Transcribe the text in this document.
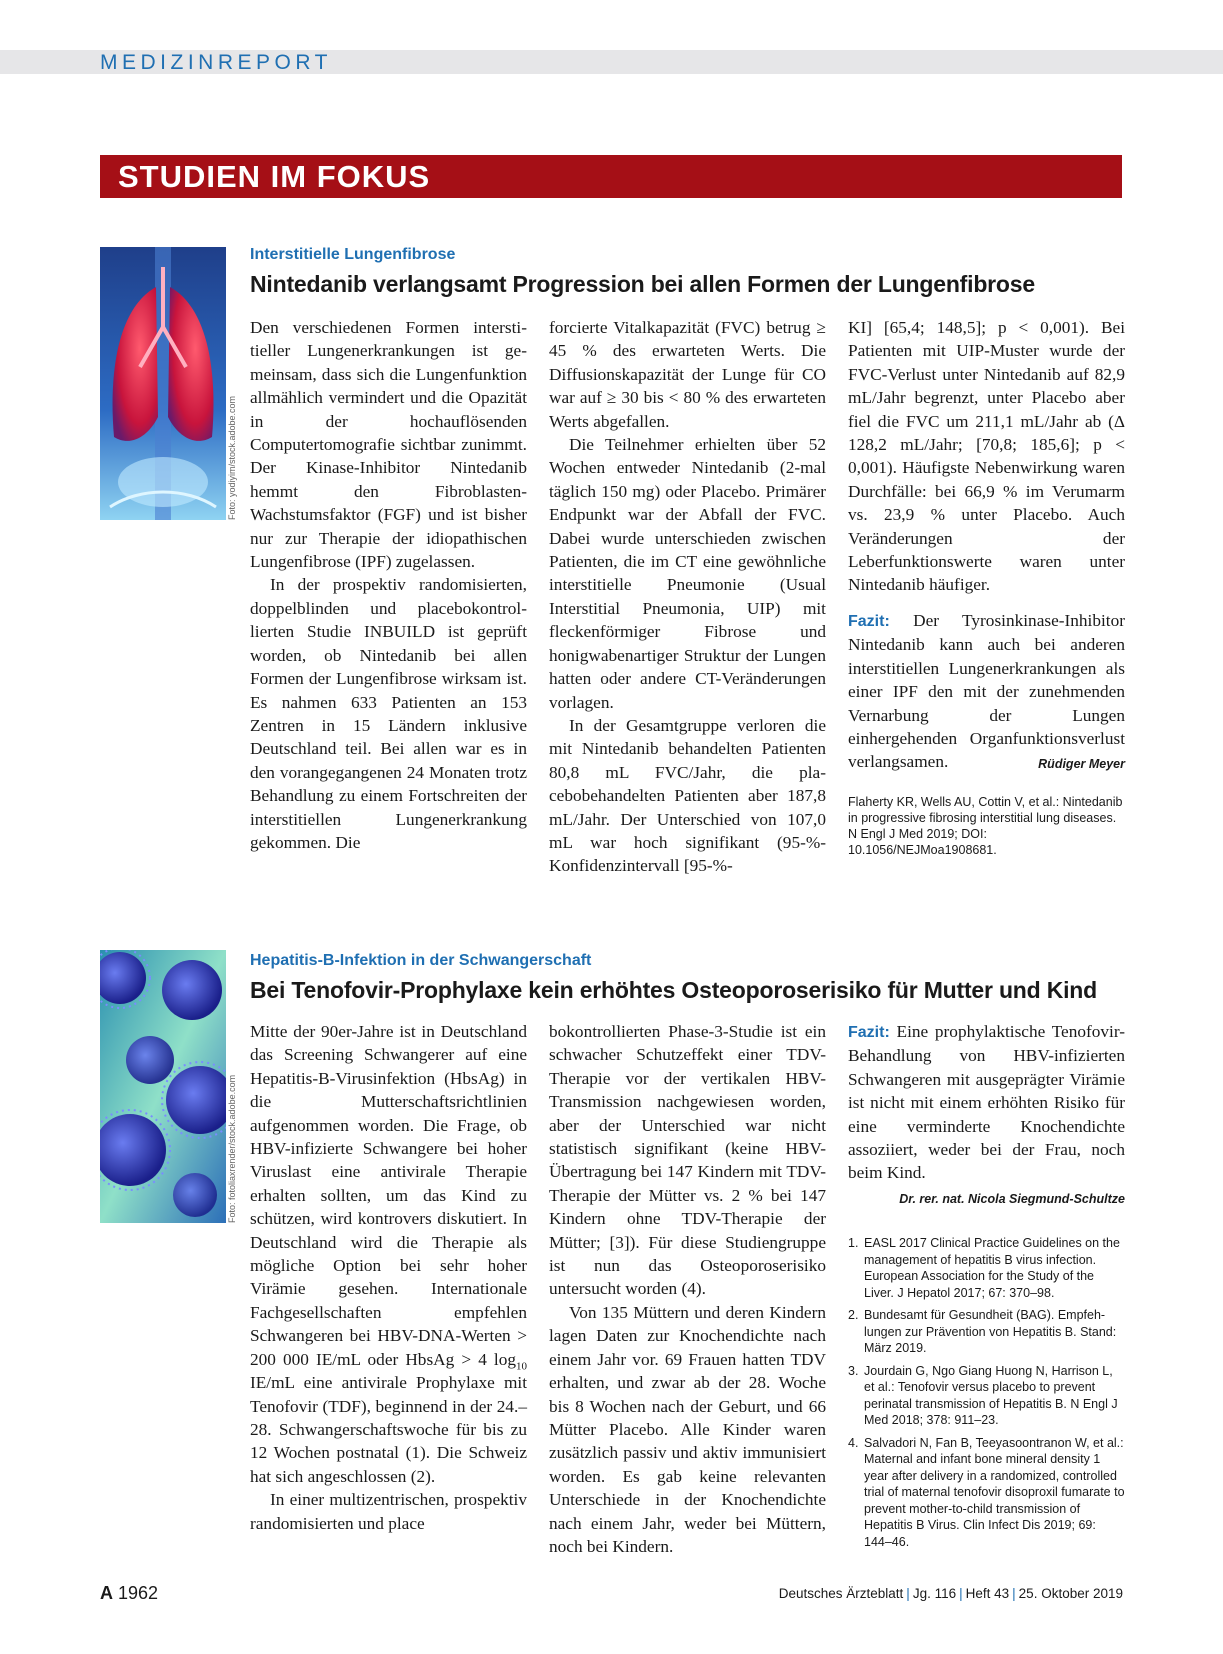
MEDIZINREPORT
STUDIEN IM FOKUS
Foto: yodiyim/stock.adobe.com
Interstitielle Lungenfibrose
Nintedanib verlangsamt Progression bei allen Formen der Lungenfibrose

Den verschiedenen Formen interstitieller Lungenerkrankungen ist gemeinsam, dass sich die Lungenfunktion allmählich vermindert und die Opazität in der hochauflösenden Computertomografie sichtbar zunimmt. Der Kinase-Inhibitor Nintedanib hemmt den Fibroblasten-Wachstumsfaktor (FGF) und ist bisher nur zur Therapie der idiopathischen Lungenfibrose (IPF) zugelassen.

In der prospektiv randomisierten, doppelblinden und placebokontrollierten Studie INBUILD ist geprüft worden, ob Nintedanib bei allen Formen der Lungenfibrose wirksam ist. Es nahmen 633 Patienten an 153 Zentren in 15 Ländern inklusive Deutschland teil. Bei allen war es in den vorangegangenen 24 Monaten trotz Behandlung zu einem Fortschreiten der interstitiellen Lungenerkrankung gekommen. Die

forcierte Vitalkapazität (FVC) betrug ≥ 45 % des erwarteten Werts. Die Diffusionskapazität der Lunge für CO war auf ≥ 30 bis < 80 % des erwarteten Werts abgefallen.

Die Teilnehmer erhielten über 52 Wochen entweder Nintedanib (2-mal täglich 150 mg) oder Placebo. Primärer Endpunkt war der Abfall der FVC. Dabei wurde unterschieden zwischen Patienten, die im CT eine gewöhnliche interstitielle Pneumonie (Usual Interstitial Pneumonia, UIP) mit fleckenförmiger Fibrose und honigwabenartiger Struktur der Lungen hatten oder andere CT-Veränderungen vorlagen.

In der Gesamtgruppe verloren die mit Nintedanib behandelten Patienten 80,8 mL FVC/Jahr, die placebobehandelten Patienten aber 187,8 mL/Jahr. Der Unterschied von 107,0 mL war hoch signifikant (95-%-Konfidenzintervall [95-%-

KI] [65,4; 148,5]; p < 0,001). Bei Patienten mit UIP-Muster wurde der FVC-Verlust unter Nintedanib auf 82,9 mL/Jahr begrenzt, unter Placebo aber fiel die FVC um 211,1 mL/Jahr ab (Δ 128,2 mL/Jahr; [70,8; 185,6]; p < 0,001). Häufigste Nebenwirkung waren Durchfälle: bei 66,9 % im Verumarm vs. 23,9 % unter Placebo. Auch Veränderungen der Leberfunktionswerte waren unter Nintedanib häufiger.

Fazit: Der Tyrosinkinase-Inhibitor Nintedanib kann auch bei anderen interstitiellen Lungenerkrankungen als einer IPF den mit der zunehmenden Vernarbung der Lungen einhergehenden Organfunktionsverlust verlangsamen.	Rüdiger Meyer

Flaherty KR, Wells AU, Cottin V, et al.: Nintedanib in progressive fibrosing interstitial lung diseases. N Engl J Med 2019; DOI: 10.1056/NEJMoa1908681.
Foto: fotoliaxrender/stock.adobe.com
Hepatitis-B-Infektion in der Schwangerschaft
Bei Tenofovir-Prophylaxe kein erhöhtes Osteoporoserisiko für Mutter und Kind

Mitte der 90er-Jahre ist in Deutschland das Screening Schwangerer auf eine Hepatitis-B-Virusinfektion (HbsAg) in die Mutterschaftsrichtlinien aufgenommen worden. Die Frage, ob HBV-infizierte Schwangere bei hoher Viruslast eine antivirale Therapie erhalten sollten, um das Kind zu schützen, wird kontrovers diskutiert. In Deutschland wird die Therapie als mögliche Option bei sehr hoher Virämie gesehen. Internationale Fachgesellschaften empfehlen Schwangeren bei HBV-DNA-Werten > 200 000 IE/mL oder HbsAg > 4 $\log_{10} IE/mL$ eine antivirale Prophylaxe mit Tenofovir (TDF), beginnend in der 24.–28. Schwangerschaftswoche für bis zu 12 Wochen postnatal (1). Die Schweiz hat sich angeschlossen (2).

In einer multizentrischen, prospektiv randomisierten und place

bokontrollierten Phase-3-Studie ist ein schwacher Schutzeffekt einer TDV-Therapie vor der vertikalen HBV-Transmission nachgewiesen worden, aber der Unterschied war nicht statistisch signifikant (keine HBV-Übertragung bei 147 Kindern mit TDV-Therapie der Mütter vs. 2 % bei 147 Kindern ohne TDV-Therapie der Mütter; [3]). Für diese Studiengruppe ist nun das Osteoporoserisiko untersucht worden (4).

Von 135 Müttern und deren Kindern lagen Daten zur Knochendichte nach einem Jahr vor. 69 Frauen hatten TDV erhalten, und zwar ab der 28. Woche bis 8 Wochen nach der Geburt, und 66 Mütter Placebo. Alle Kinder waren zusätzlich passiv und aktiv immunisiert worden. Es gab keine relevanten Unterschiede in der Knochendichte nach einem Jahr, weder bei Müttern, noch bei Kindern.

Fazit: Eine prophylaktische Tenofovir-Behandlung von HBV-infizierten Schwangeren mit ausgeprägter Virämie ist nicht mit einem erhöhten Risiko für eine verminderte Knochendichte assoziiert, weder bei der Frau, noch beim Kind.

Dr. rer. nat. Nicola Siegmund-Schultze
1. EASL 2017 Clinical Practice Guidelines on the management of hepatitis B virus infection. European Association for the Study of the Liver. J Hepatol 2017; 67: 370–98.
2. Bundesamt für Gesundheit (BAG). Empfehlungen zur Prävention von Hepatitis B. Stand: März 2019.
3. Jourdain G, Ngo Giang Huong N, Harrison L, et al.: Tenofovir versus placebo to prevent perinatal transmission of Hepatitis B. N Engl J Med 2018; 378: 911–23.
4. Salvadori N, Fan B, Teeyasoontranon W, et al.: Maternal and infant bone mineral density 1 year after delivery in a randomized, controlled trial of maternal tenofovir disoproxil fumarate to prevent mother-to-child transmission of Hepatitis B Virus. Clin Infect Dis 2019; 69: 144–46.
A 1962	Deutsches Ärzteblatt | Jg. 116 | Heft 43 | 25. Oktober 2019
